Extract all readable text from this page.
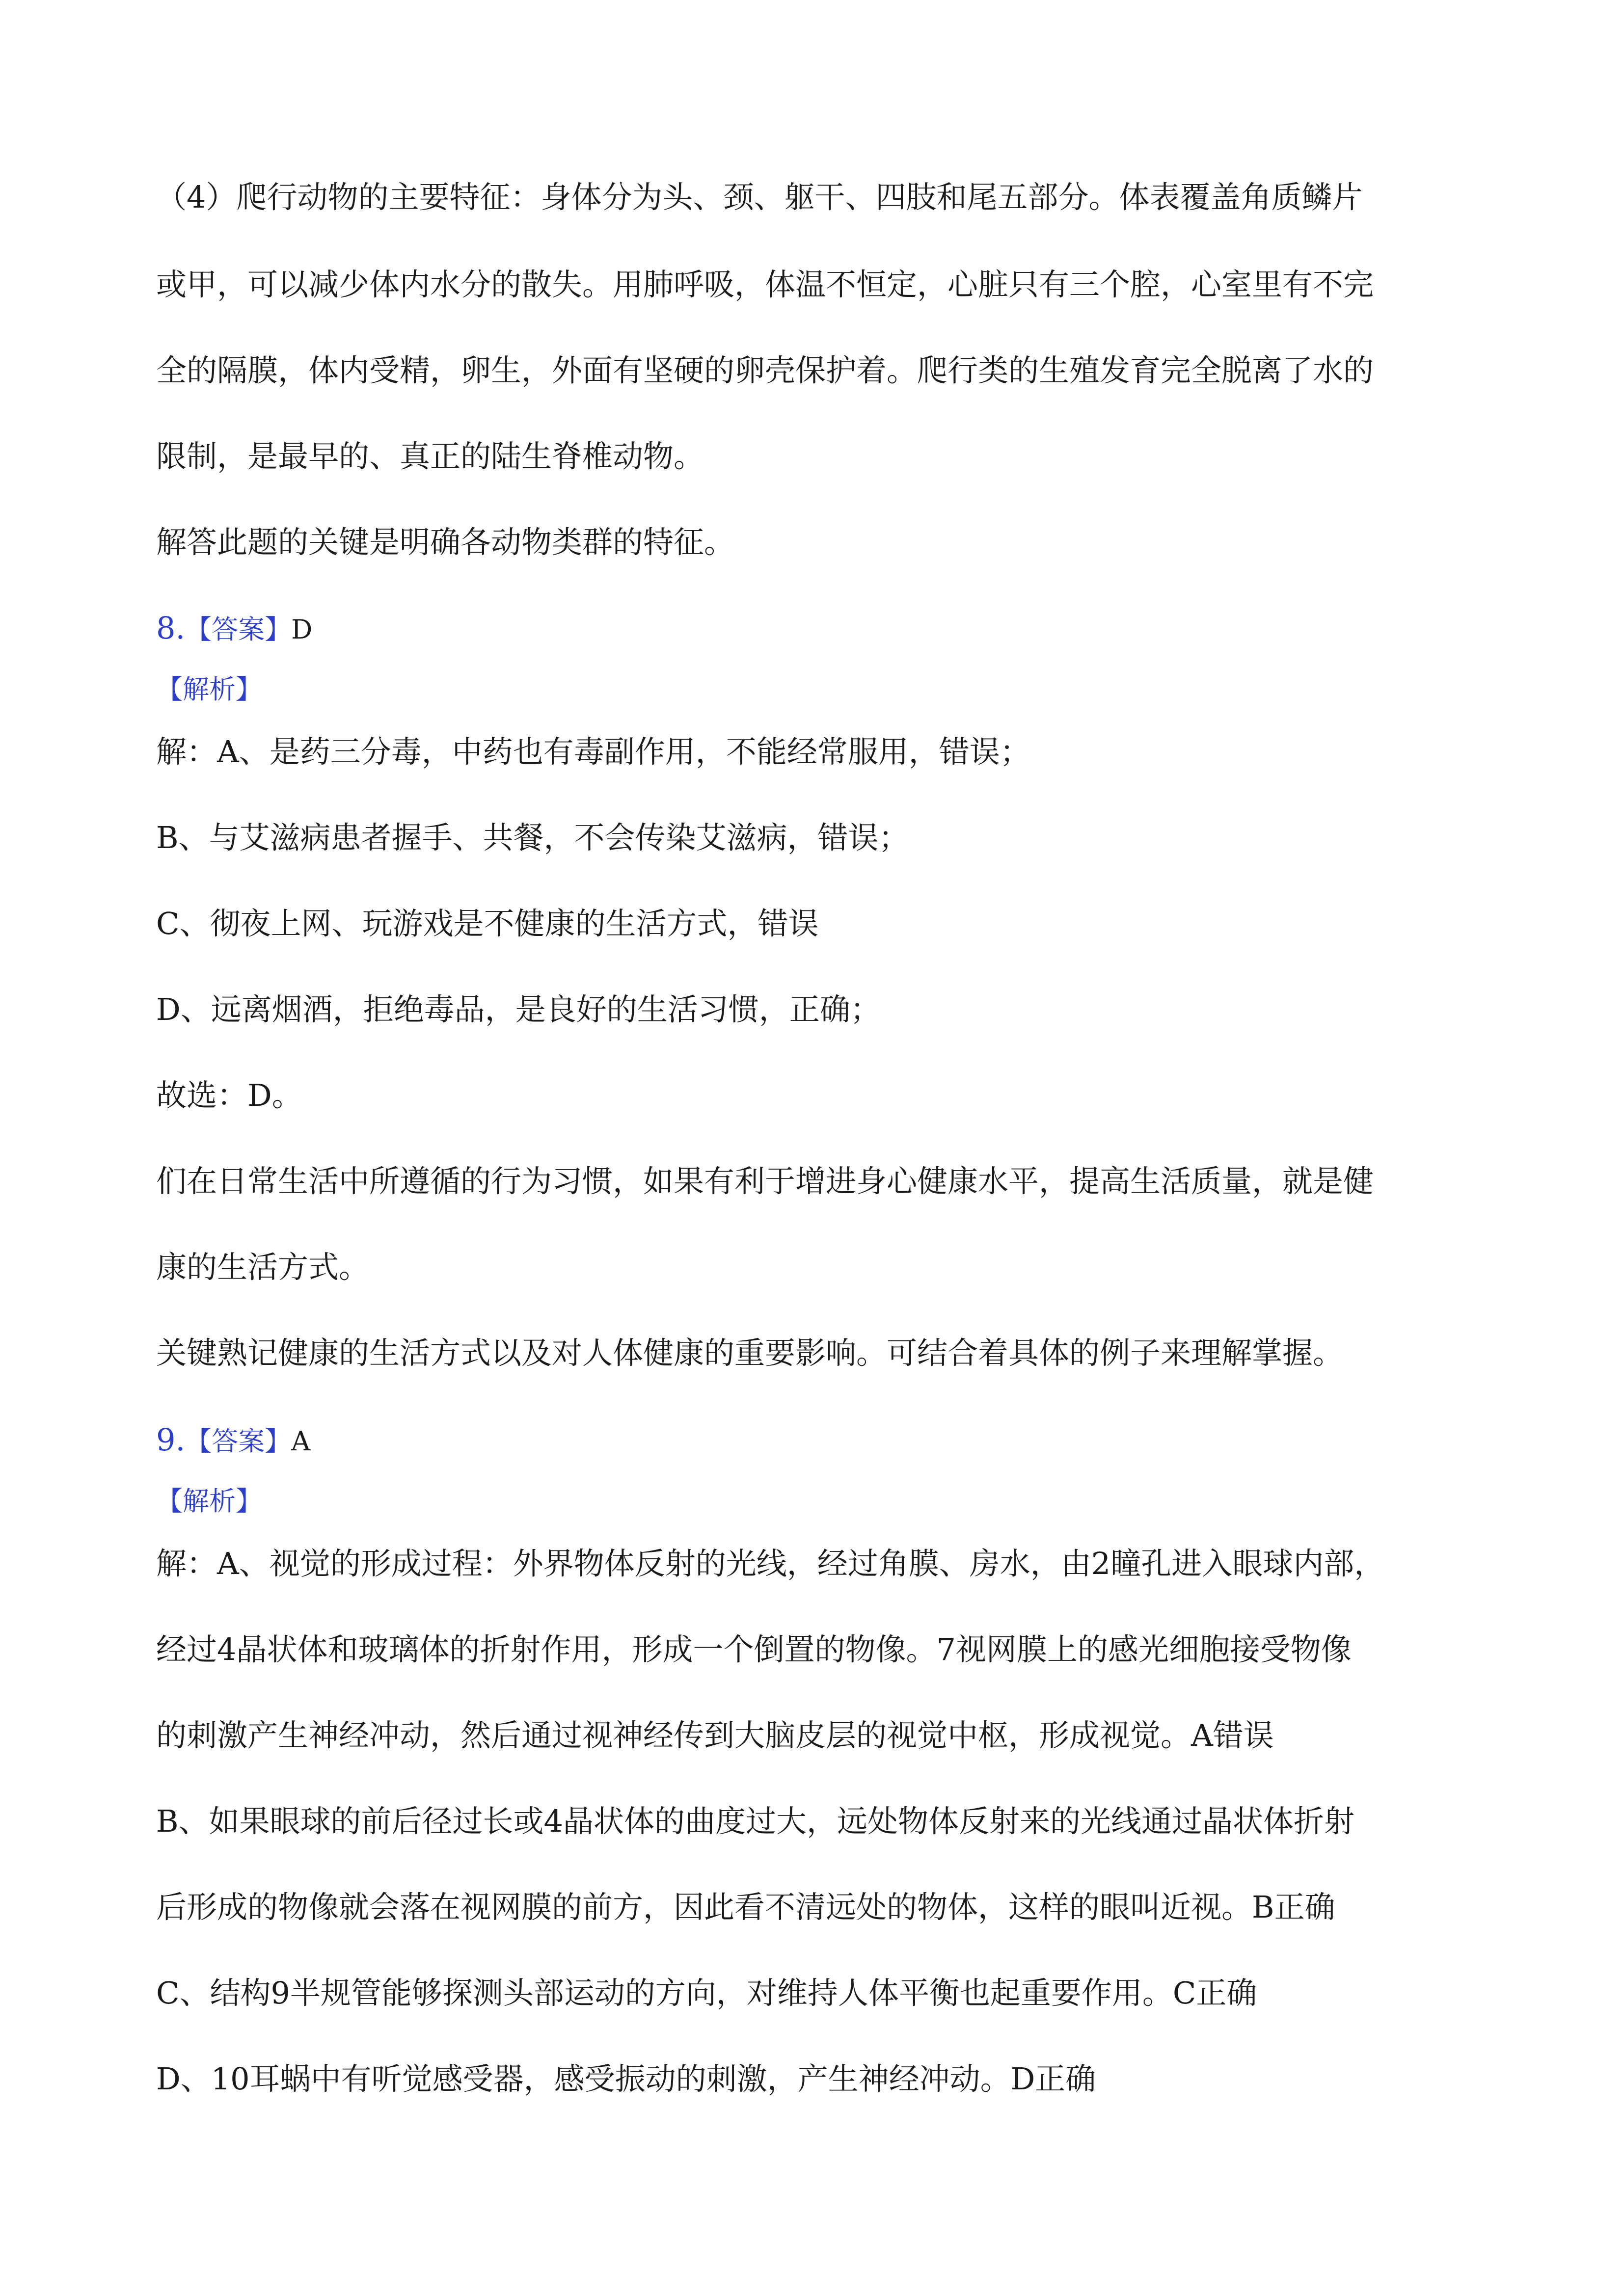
（4）爬行动物的主要特征：身体分为头、颈、躯干、四肢和尾五部分。体表覆盖角质鳞片
或甲，可以减少体内水分的散失。用肺呼吸，体温不恒定，心脏只有三个腔，心室里有不完
全的隔膜，体内受精，卵生，外面有坚硬的卵壳保护着。爬行类的生殖发育完全脱离了水的
限制，是最早的、真正的陆生脊椎动物。
解答此题的关键是明确各动物类群的特征。
8.【答案】D
【解析】
解：A、是药三分毒，中药也有毒副作用，不能经常服用，错误；
B、与艾滋病患者握手、共餐，不会传染艾滋病，错误；
C、彻夜上网、玩游戏是不健康的生活方式，错误
D、远离烟酒，拒绝毒品，是良好的生活习惯，正确；
故选：D。
们在日常生活中所遵循的行为习惯，如果有利于增进身心健康水平，提高生活质量，就是健
康的生活方式。
关键熟记健康的生活方式以及对人体健康的重要影响。可结合着具体的例子来理解掌握。
9.【答案】A
【解析】
解：A、视觉的形成过程：外界物体反射的光线，经过角膜、房水，由2瞳孔进入眼球内部，
经过4晶状体和玻璃体的折射作用，形成一个倒置的物像。7视网膜上的感光细胞接受物像
的刺激产生神经冲动，然后通过视神经传到大脑皮层的视觉中枢，形成视觉。A错误
B、如果眼球的前后径过长或4晶状体的曲度过大，远处物体反射来的光线通过晶状体折射
后形成的物像就会落在视网膜的前方，因此看不清远处的物体，这样的眼叫近视。B正确
C、结构9半规管能够探测头部运动的方向，对维持人体平衡也起重要作用。C正确
D、10耳蜗中有听觉感受器，感受振动的刺激，产生神经冲动。D正确
